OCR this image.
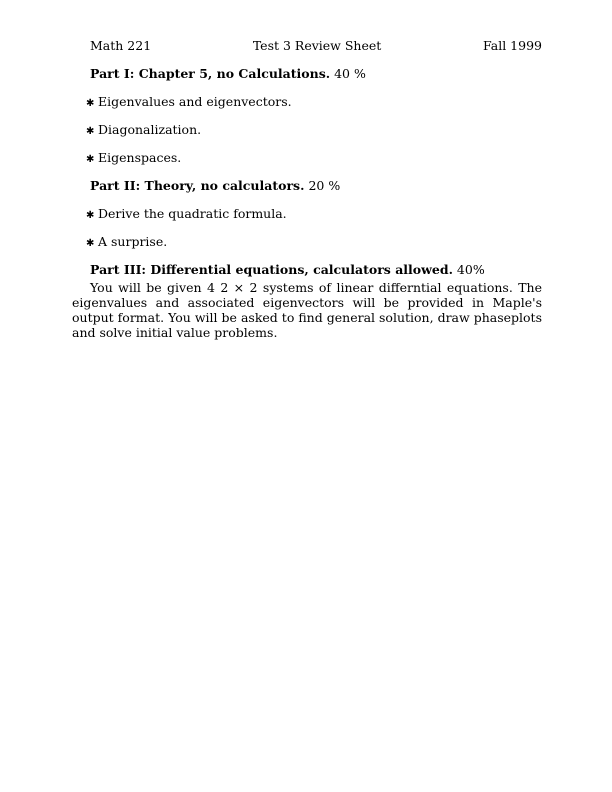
Math 221	Test 3 Review Sheet	Fall 1999
Part I: Chapter 5, no Calculations. 40 %
✱ Eigenvalues and eigenvectors.
✱ Diagonalization.
✱ Eigenspaces.
Part II: Theory, no calculators. 20 %
✱ Derive the quadratic formula.
✱ A surprise.
Part III: Differential equations, calculators allowed. 40%

You will be given 4 2 × 2 systems of linear differntial equations. The eigenvalues and associated eigenvectors will be provided in Maple's output format. You will be asked to find general solution, draw phaseplots and solve initial value problems.
